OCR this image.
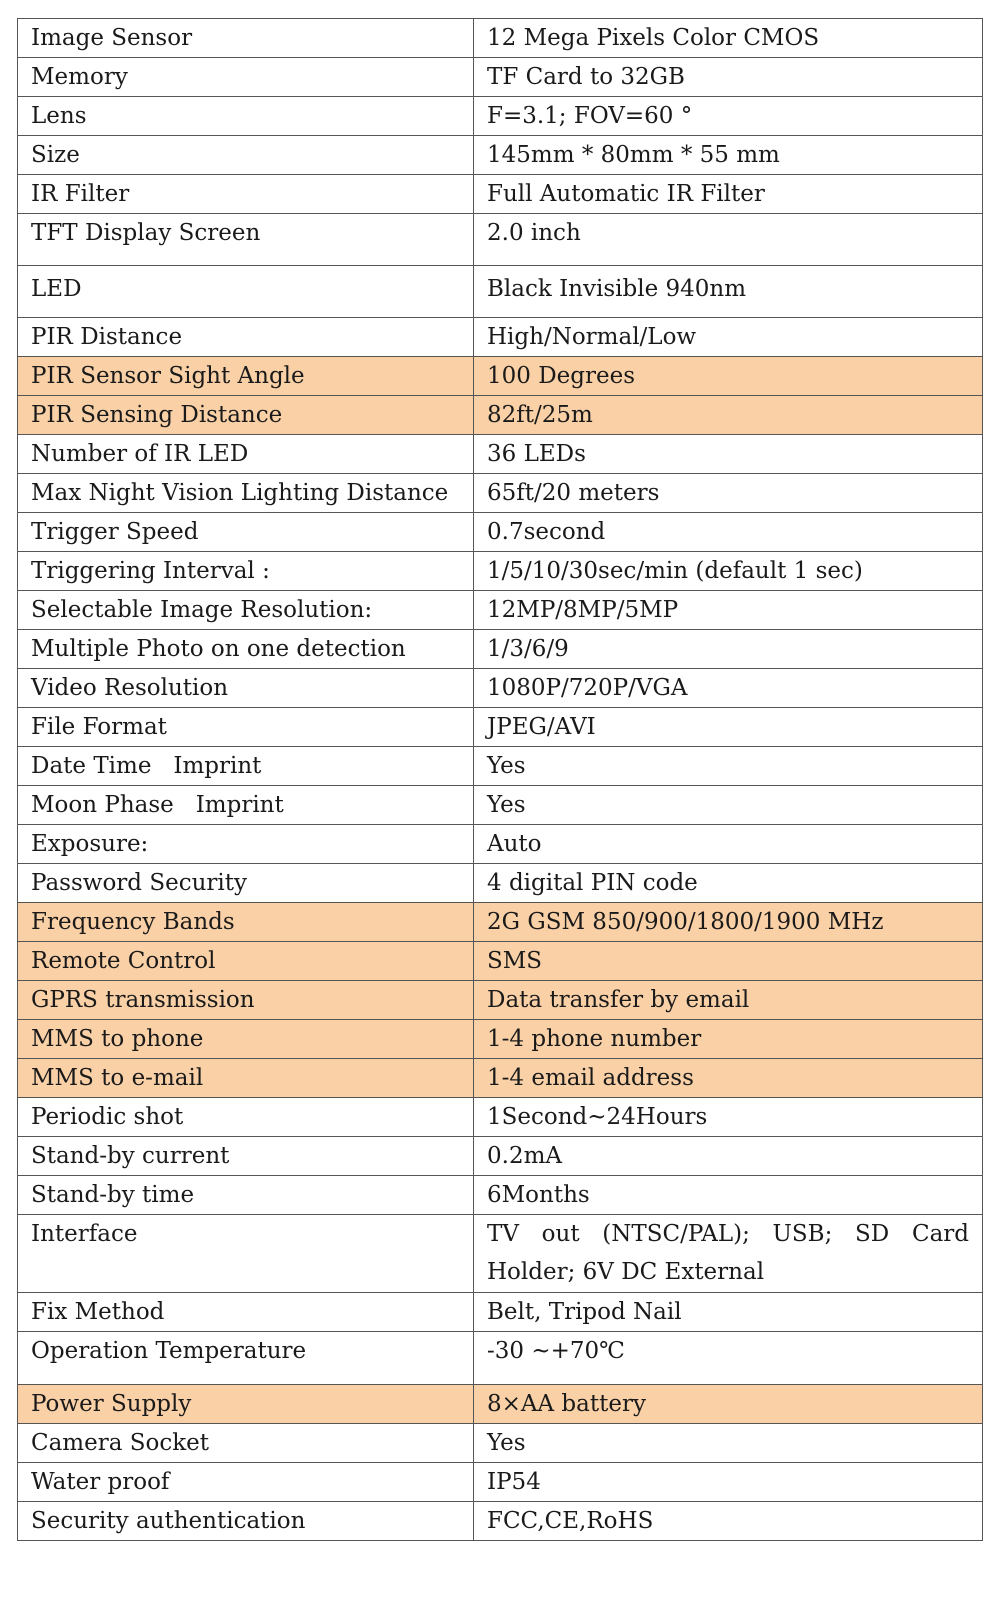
Image Sensor	12 Mega Pixels Color CMOS
Memory	TF Card to 32GB
Lens	F=3.1; FOV=60 °
Size	145mm * 80mm * 55 mm
IR Filter	Full Automatic IR Filter
TFT Display Screen	2.0 inch
LED	Black Invisible 940nm
PIR Distance	High/Normal/Low
PIR Sensor Sight Angle	100 Degrees
PIR Sensing Distance	82ft/25m
Number of IR LED	36 LEDs
Max Night Vision Lighting Distance	65ft/20 meters
Trigger Speed	0.7second
Triggering Interval :	1/5/10/30sec/min (default 1 sec)
Selectable Image Resolution:	12MP/8MP/5MP
Multiple Photo on one detection	1/3/6/9
Video Resolution	1080P/720P/VGA
File Format	JPEG/AVI
Date Time   Imprint	Yes
Moon Phase   Imprint	Yes
Exposure:	Auto
Password Security	4 digital PIN code
Frequency Bands	2G GSM 850/900/1800/1900 MHz
Remote Control	SMS
GPRS transmission	Data transfer by email
MMS to phone	1-4 phone number
MMS to e-mail	1-4 email address
Periodic shot	1Second~24Hours
Stand-by current	0.2mA
Stand-by time	6Months
Interface	TV out (NTSC/PAL); USB; SD Card Holder; 6V DC External
Fix Method	Belt, Tripod Nail
Operation Temperature	-30 ~+70℃
Power Supply	8×AA battery
Camera Socket	Yes
Water proof	IP54
Security authentication	FCC,CE,RoHS
